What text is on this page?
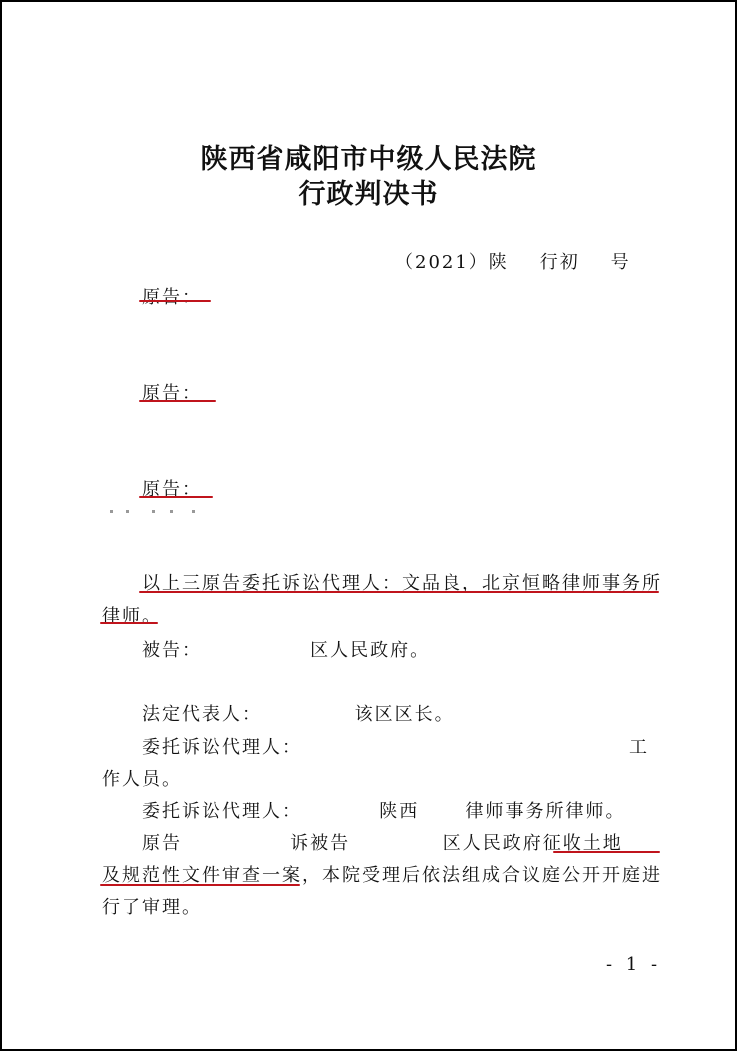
陕西省咸阳市中级人民法院
行政判决书
（2021）陕    行初    号
原告：
原告：
原告：
以上三原告委托诉讼代理人：文品良，北京恒略律师事务所
律师。
被告：              区人民政府。
法定代表人：            该区区长。
委托诉讼代理人：	工
作人员。
委托诉讼代理人：          陕西      律师事务所律师。
原告              诉被告            区人民政府征收土地
及规范性文件审查一案，本院受理后依法组成合议庭公开开庭进
行了审理。
- 1 -
